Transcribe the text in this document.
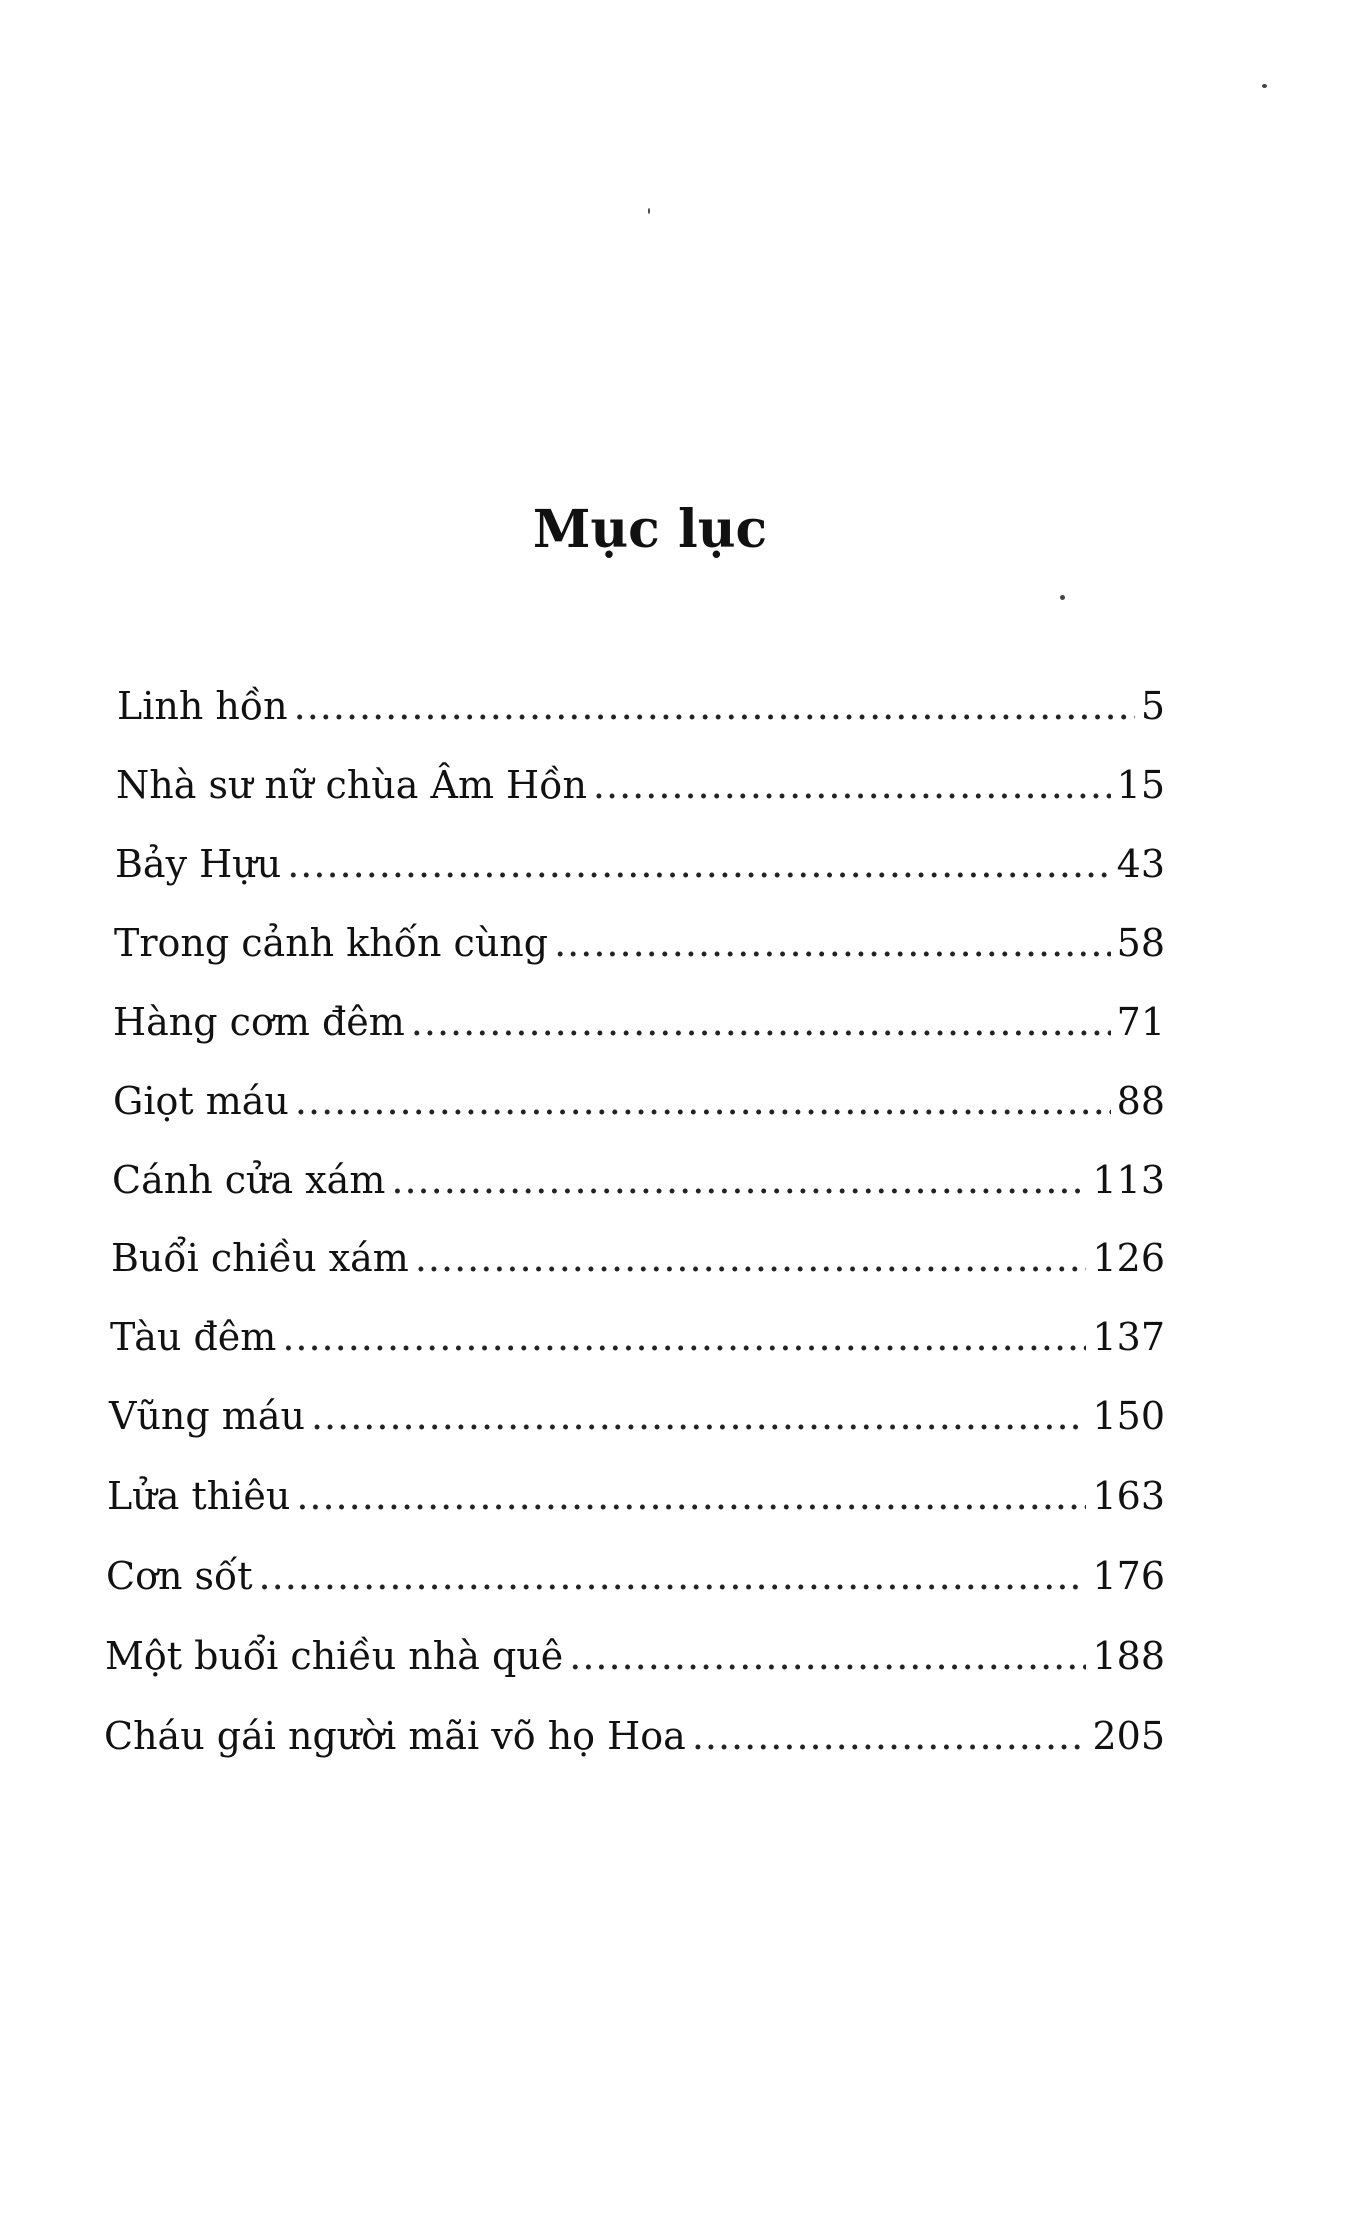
Mục lục
Linh hồn .....	5
Nhà sư nữ chùa Âm Hồn .....	15
Bảy Hựu .....	43
Trong cảnh khốn cùng .....	58
Hàng cơm đêm .....	71
Giọt máu .....	88
Cánh cửa xám .....	113
Buổi chiều xám .....	126
Tàu đêm .....	137
Vũng máu .....	150
Lửa thiêu .....	163
Cơn sốt .....	176
Một buổi chiều nhà quê .....	188
Cháu gái người mãi võ họ Hoa .....	205
